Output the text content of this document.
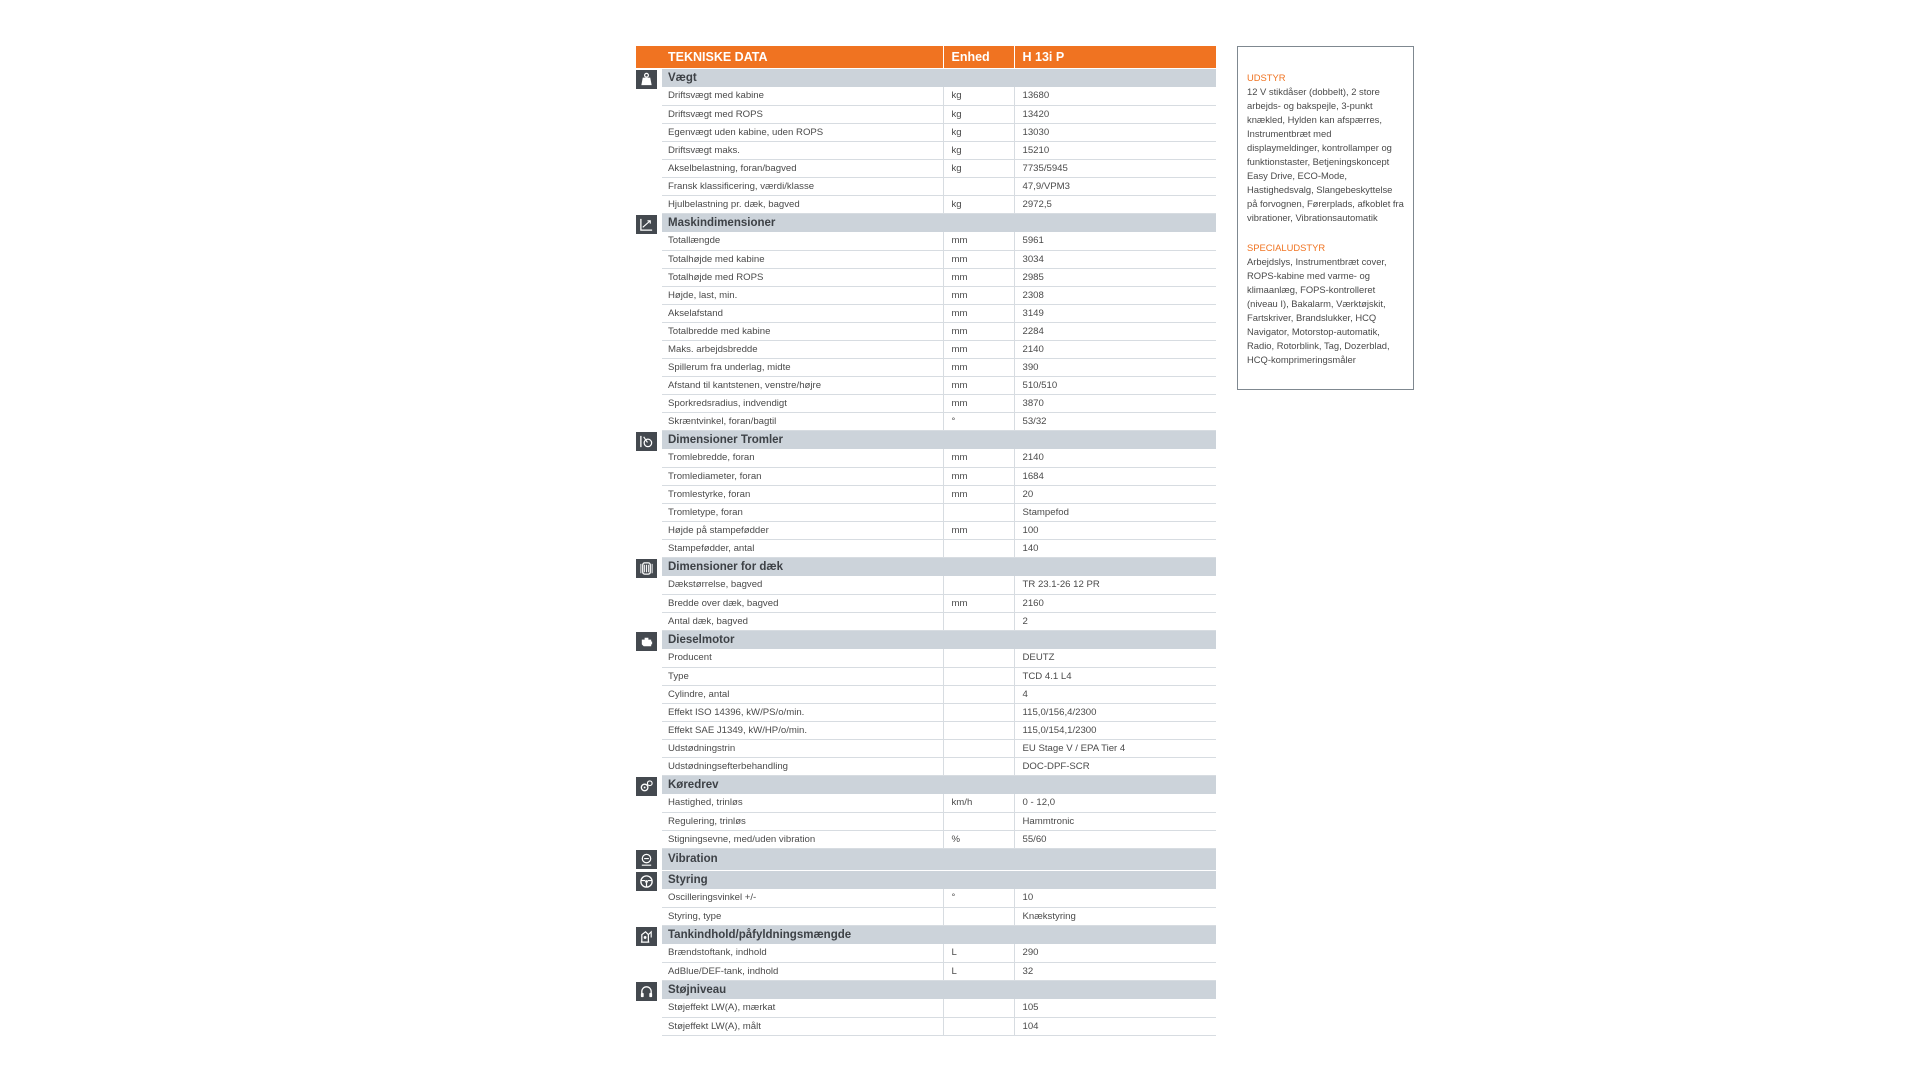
	TEKNISKE DATA	Enhed	H 13i P

	Vægt		
	Driftsvægt med kabine	kg	13680
	Driftsvægt med ROPS	kg	13420
	Egenvægt uden kabine, uden ROPS	kg	13030
	Driftsvægt maks.	kg	15210
	Akselbelastning, foran/bagved	kg	7735/5945
	Fransk klassificering, værdi/klasse		47,9/VPM3
	Hjulbelastning pr. dæk, bagved	kg	2972,5

	Maskindimensioner		
	Totallængde	mm	5961
	Totalhøjde med kabine	mm	3034
	Totalhøjde med ROPS	mm	2985
	Højde, last, min.	mm	2308
	Akselafstand	mm	3149
	Totalbredde med kabine	mm	2284
	Maks. arbejdsbredde	mm	2140
	Spillerum fra underlag, midte	mm	390
	Afstand til kantstenen, venstre/højre	mm	510/510
	Sporkredsradius, indvendigt	mm	3870
	Skræntvinkel, foran/bagtil	°	53/32

	Dimensioner Tromler		
	Tromlebredde, foran	mm	2140
	Tromlediameter, foran	mm	1684
	Tromlestyrke, foran	mm	20
	Tromletype, foran		Stampefod
	Højde på stampefødder	mm	100
	Stampefødder, antal		140

	Dimensioner for dæk		
	Dækstørrelse, bagved		TR 23.1-26 12 PR
	Bredde over dæk, bagved	mm	2160
	Antal dæk, bagved		2

	Dieselmotor		
	Producent		DEUTZ
	Type		TCD 4.1 L4
	Cylindre, antal		4
	Effekt ISO 14396, kW/PS/o/min.		115,0/156,4/2300
	Effekt SAE J1349, kW/HP/o/min.		115,0/154,1/2300
	Udstødningstrin		EU Stage V / EPA Tier 4
	Udstødningsefterbehandling		DOC-DPF-SCR

	Køredrev		
	Hastighed, trinløs	km/h	0 - 12,0
	Regulering, trinløs		Hammtronic
	Stigningsevne, med/uden vibration	%	55/60

	Vibration		

	Styring		
	Oscilleringsvinkel +/-	°	10
	Styring, type		Knækstyring

	Tankindhold/påfyldningsmængde		
	Brændstoftank, indhold	L	290
	AdBlue/DEF-tank, indhold	L	32

	Støjniveau		
	Støjeffekt LW(A), mærkat		105
	Støjeffekt LW(A), målt		104
UDSTYR

12 V stikdåser (dobbelt), 2 store arbejds- og bakspejle, 3-punkt knækled, Hylden kan afspærres, Instrumentbræt med displaymeldinger, kontrollamper og funktionstaster, Betjeningskoncept Easy Drive, ECO-Mode, Hastighedsvalg, Slangebeskyttelse på forvognen, Førerplads, afkoblet fra vibrationer, Vibrationsautomatik

SPECIALUDSTYR

Arbejdslys, Instrumentbræt cover, ROPS-kabine med varme- og klimaanlæg, FOPS-kontrolleret (niveau I), Bakalarm, Værktøjskit, Fartskriver, Brandslukker, HCQ Navigator, Motorstop-automatik, Radio, Rotorblink, Tag, Dozerblad, HCQ-komprimeringsmåler
